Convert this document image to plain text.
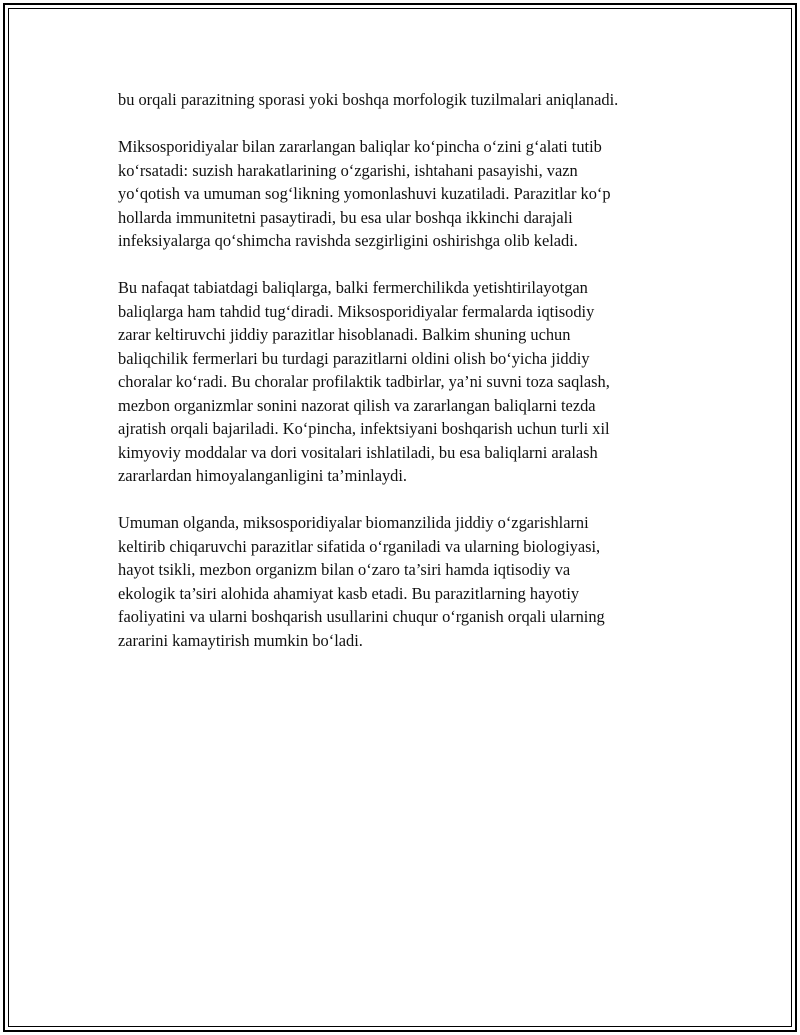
bu orqali parazitning sporasi yoki boshqa morfologik tuzilmalari aniqlanadi.

Miksosporidiyalar bilan zararlangan baliqlar ko‘pincha o‘zini g‘alati tutib
ko‘rsatadi: suzish harakatlarining o‘zgarishi, ishtahani pasayishi, vazn
yo‘qotish va umuman sog‘likning yomonlashuvi kuzatiladi. Parazitlar ko‘p
hollarda immunitetni pasaytiradi, bu esa ular boshqa ikkinchi darajali
infeksiyalarga qo‘shimcha ravishda sezgirligini oshirishga olib keladi.

Bu nafaqat tabiatdagi baliqlarga, balki fermerchilikda yetishtirilayotgan
baliqlarga ham tahdid tug‘diradi. Miksosporidiyalar fermalarda iqtisodiy
zarar keltiruvchi jiddiy parazitlar hisoblanadi. Balkim shuning uchun
baliqchilik fermerlari bu turdagi parazitlarni oldini olish bo‘yicha jiddiy
choralar ko‘radi. Bu choralar profilaktik tadbirlar, ya’ni suvni toza saqlash,
mezbon organizmlar sonini nazorat qilish va zararlangan baliqlarni tezda
ajratish orqali bajariladi. Ko‘pincha, infektsiyani boshqarish uchun turli xil
kimyoviy moddalar va dori vositalari ishlatiladi, bu esa baliqlarni aralash
zararlardan himoyalanganligini ta’minlaydi.

Umuman olganda, miksosporidiyalar biomanzilida jiddiy o‘zgarishlarni
keltirib chiqaruvchi parazitlar sifatida o‘rganiladi va ularning biologiyasi,
hayot tsikli, mezbon organizm bilan o‘zaro ta’siri hamda iqtisodiy va
ekologik ta’siri alohida ahamiyat kasb etadi. Bu parazitlarning hayotiy
faoliyatini va ularni boshqarish usullarini chuqur o‘rganish orqali ularning
zararini kamaytirish mumkin bo‘ladi.
